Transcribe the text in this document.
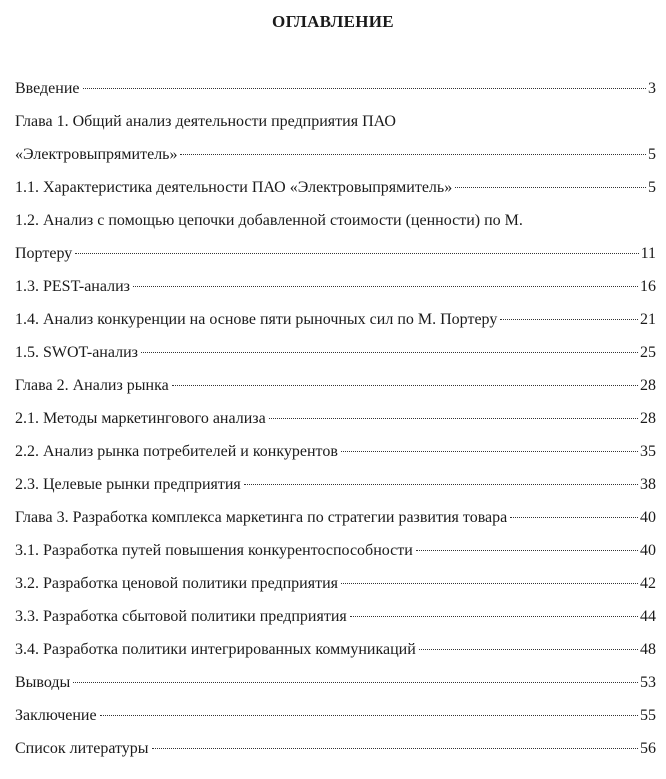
ОГЛАВЛЕНИЕ
Введение	3
Глава 1. Общий анализ деятельности предприятия ПАО
«Электровыпрямитель»	5
1.1. Характеристика деятельности ПАО «Электровыпрямитель»	5
1.2. Анализ с помощью цепочки добавленной стоимости (ценности) по М.
Портеру	11
1.3. PEST-анализ	16
1.4. Анализ конкуренции на основе пяти рыночных сил по М. Портеру	21
1.5. SWOT-анализ	25
Глава 2. Анализ рынка	28
2.1. Методы маркетингового анализа	28
2.2. Анализ рынка потребителей и конкурентов	35
2.3. Целевые рынки предприятия	38
Глава 3. Разработка комплекса маркетинга по стратегии развития товара	40
3.1. Разработка путей повышения конкурентоспособности	40
3.2. Разработка ценовой политики предприятия	42
3.3. Разработка сбытовой политики предприятия	44
3.4. Разработка политики интегрированных коммуникаций	48
Выводы	53
Заключение	55
Список литературы	56
